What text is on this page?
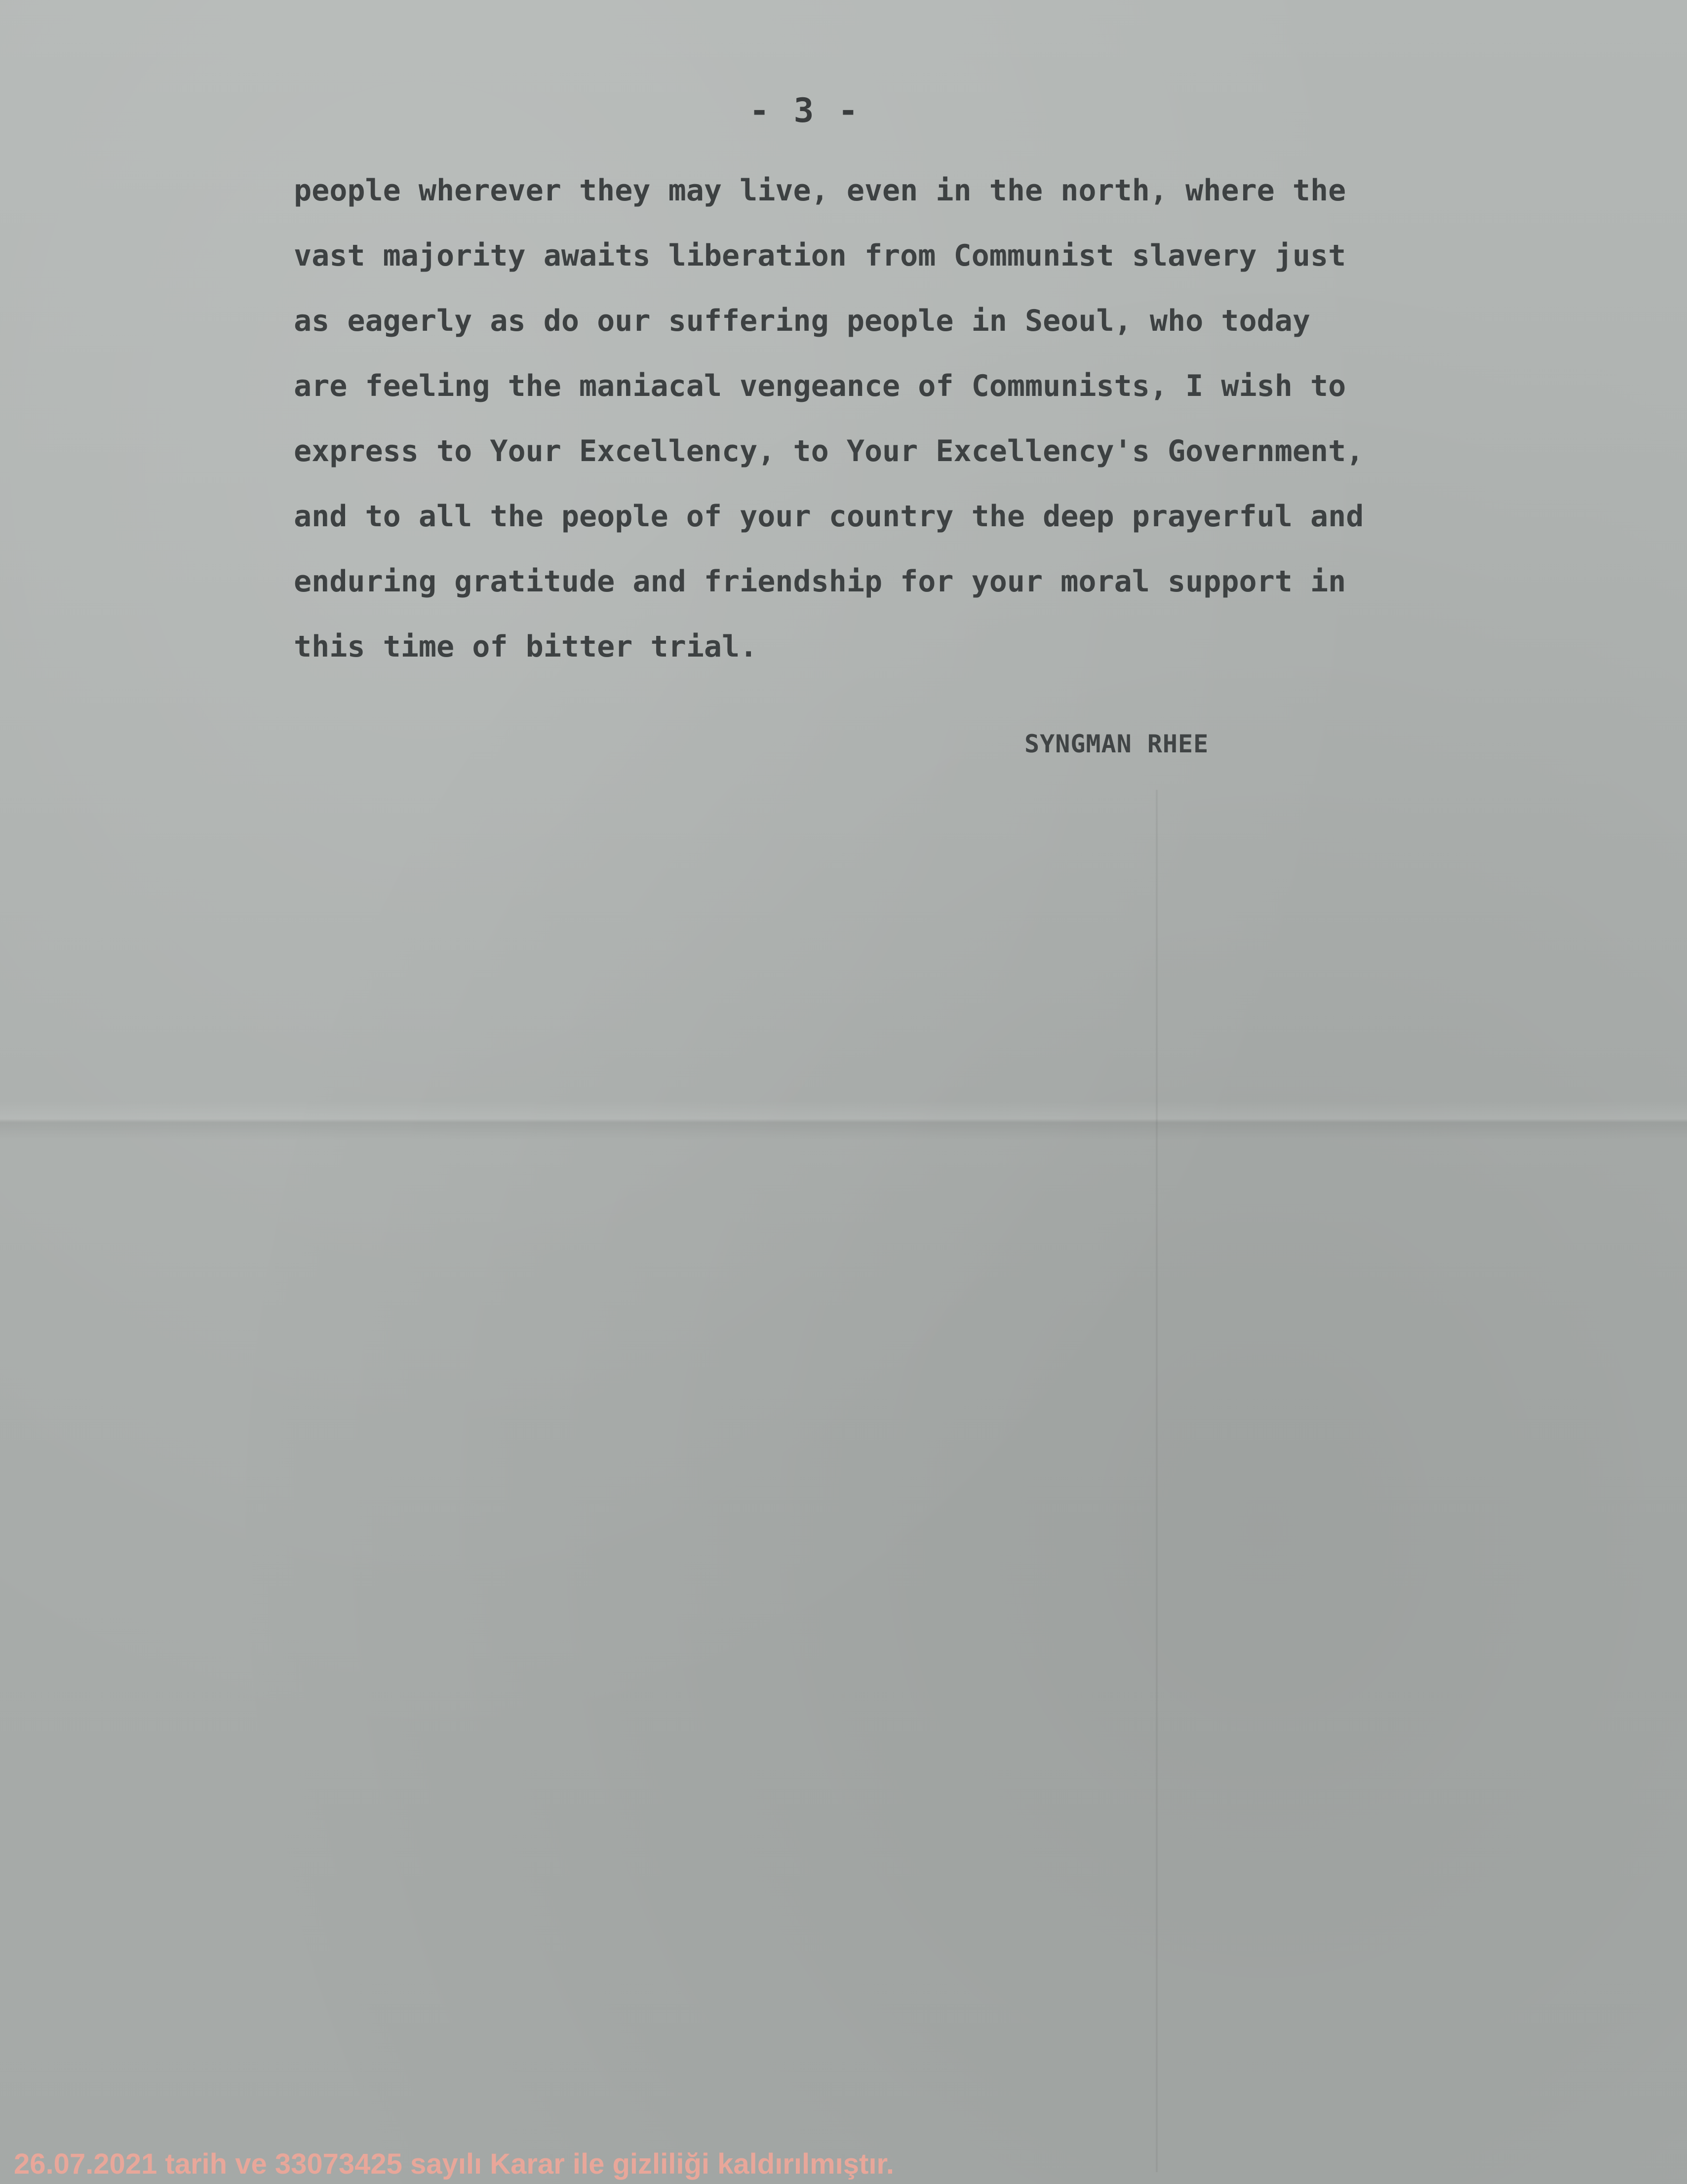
- 3 -
people wherever they may live, even in the north, where the
vast majority awaits liberation from Communist slavery just
as eagerly as do our suffering people in Seoul, who today
are feeling the maniacal vengeance of Communists, I wish to
express to Your Excellency, to Your Excellency's Government,
and to all the people of your country the deep prayerful and
enduring gratitude and friendship for your moral support in
this time of bitter trial.
SYNGMAN RHEE
26.07.2021 tarih ve 33073425 sayılı Karar ile gizliliği kaldırılmıştır.
